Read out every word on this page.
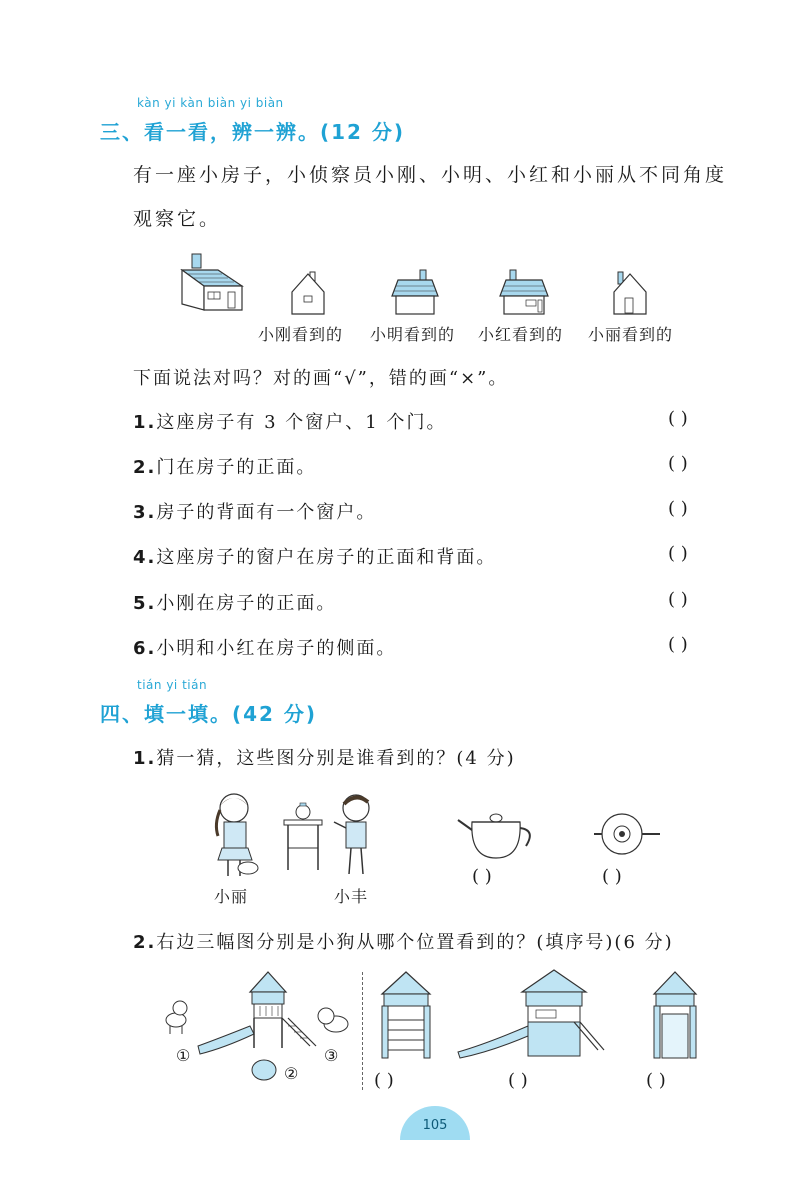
kàn yi kàn biàn yi biàn
三、看一看，辨一辨。(12 分)
有一座小房子，小侦察员小刚、小明、小红和小丽从不同角度
观察它。
小刚看到的 小明看到的 小红看到的 小丽看到的
下面说法对吗？对的画“√”，错的画“×”。
1.这座房子有 3 个窗户、1 个门。	( )
2.门在房子的正面。	( )
3.房子的背面有一个窗户。	( )
4.这座房子的窗户在房子的正面和背面。	( )
5.小刚在房子的正面。	( )
6.小明和小红在房子的侧面。	( )
tián yi tián
四、填一填。(42 分)
1.猜一猜，这些图分别是谁看到的？(4 分)
小丽	小丰
( )	( )
2.右边三幅图分别是小狗从哪个位置看到的？(填序号)(6 分)
①
②
③
( )	( )	( )
105
